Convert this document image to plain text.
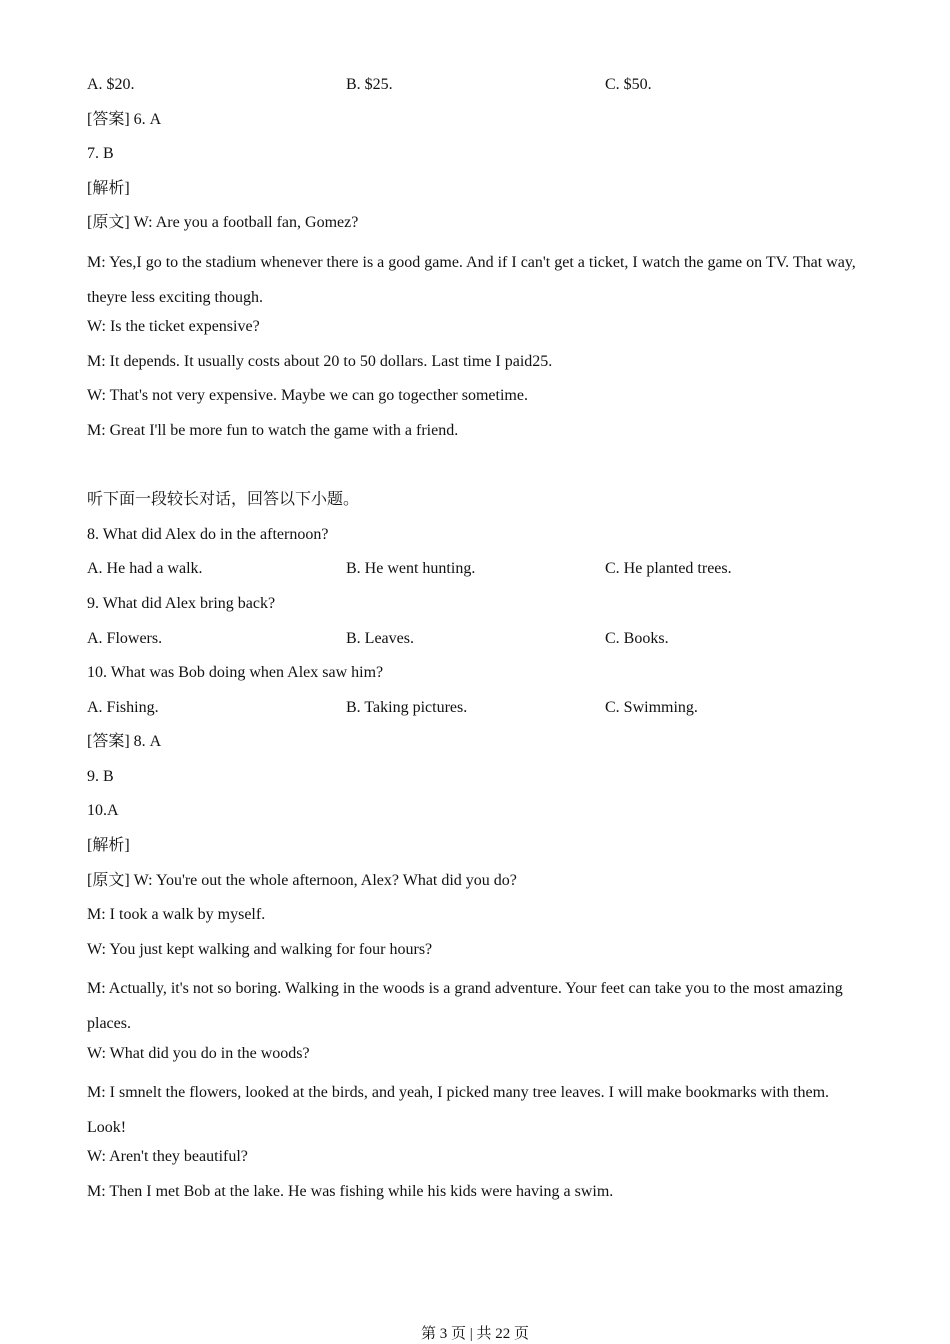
A. $20.	B. $25.	C. $50.
[答案] 6. A
7. B
[解析]
[原文] W: Are you a football fan, Gomez?
M: Yes,I go to the stadium whenever there is a good game. And if I can't get a ticket, I watch the game on TV. That way, theyre less exciting though.
W: Is the ticket expensive?
M: It depends. It usually costs about 20 to 50 dollars. Last time I paid25.
W: That's not very expensive. Maybe we can go togecther sometime.
M: Great I'll be more fun to watch the game with a friend.
听下面一段较长对话，回答以下小题。
8. What did Alex do in the afternoon?
A. He had a walk.	B. He went hunting.	C. He planted trees.
9. What did Alex bring back?
A. Flowers.	B. Leaves.	C. Books.
10. What was Bob doing when Alex saw him?
A. Fishing.	B. Taking pictures.	C. Swimming.
[答案] 8. A
9. B
10.A
[解析]
[原文] W: You're out the whole afternoon, Alex? What did you do?
M: I took a walk by myself.
W: You just kept walking and walking for four hours?
M: Actually, it's not so boring. Walking in the woods is a grand adventure. Your feet can take you to the most amazing places.
W: What did you do in the woods?
M: I smnelt the flowers, looked at the birds, and yeah, I picked many tree leaves. I will make bookmarks with them. Look!
W: Aren't they beautiful?
M: Then I met Bob at the lake. He was fishing while his kids were having a swim.
第 3 页 | 共 22 页
